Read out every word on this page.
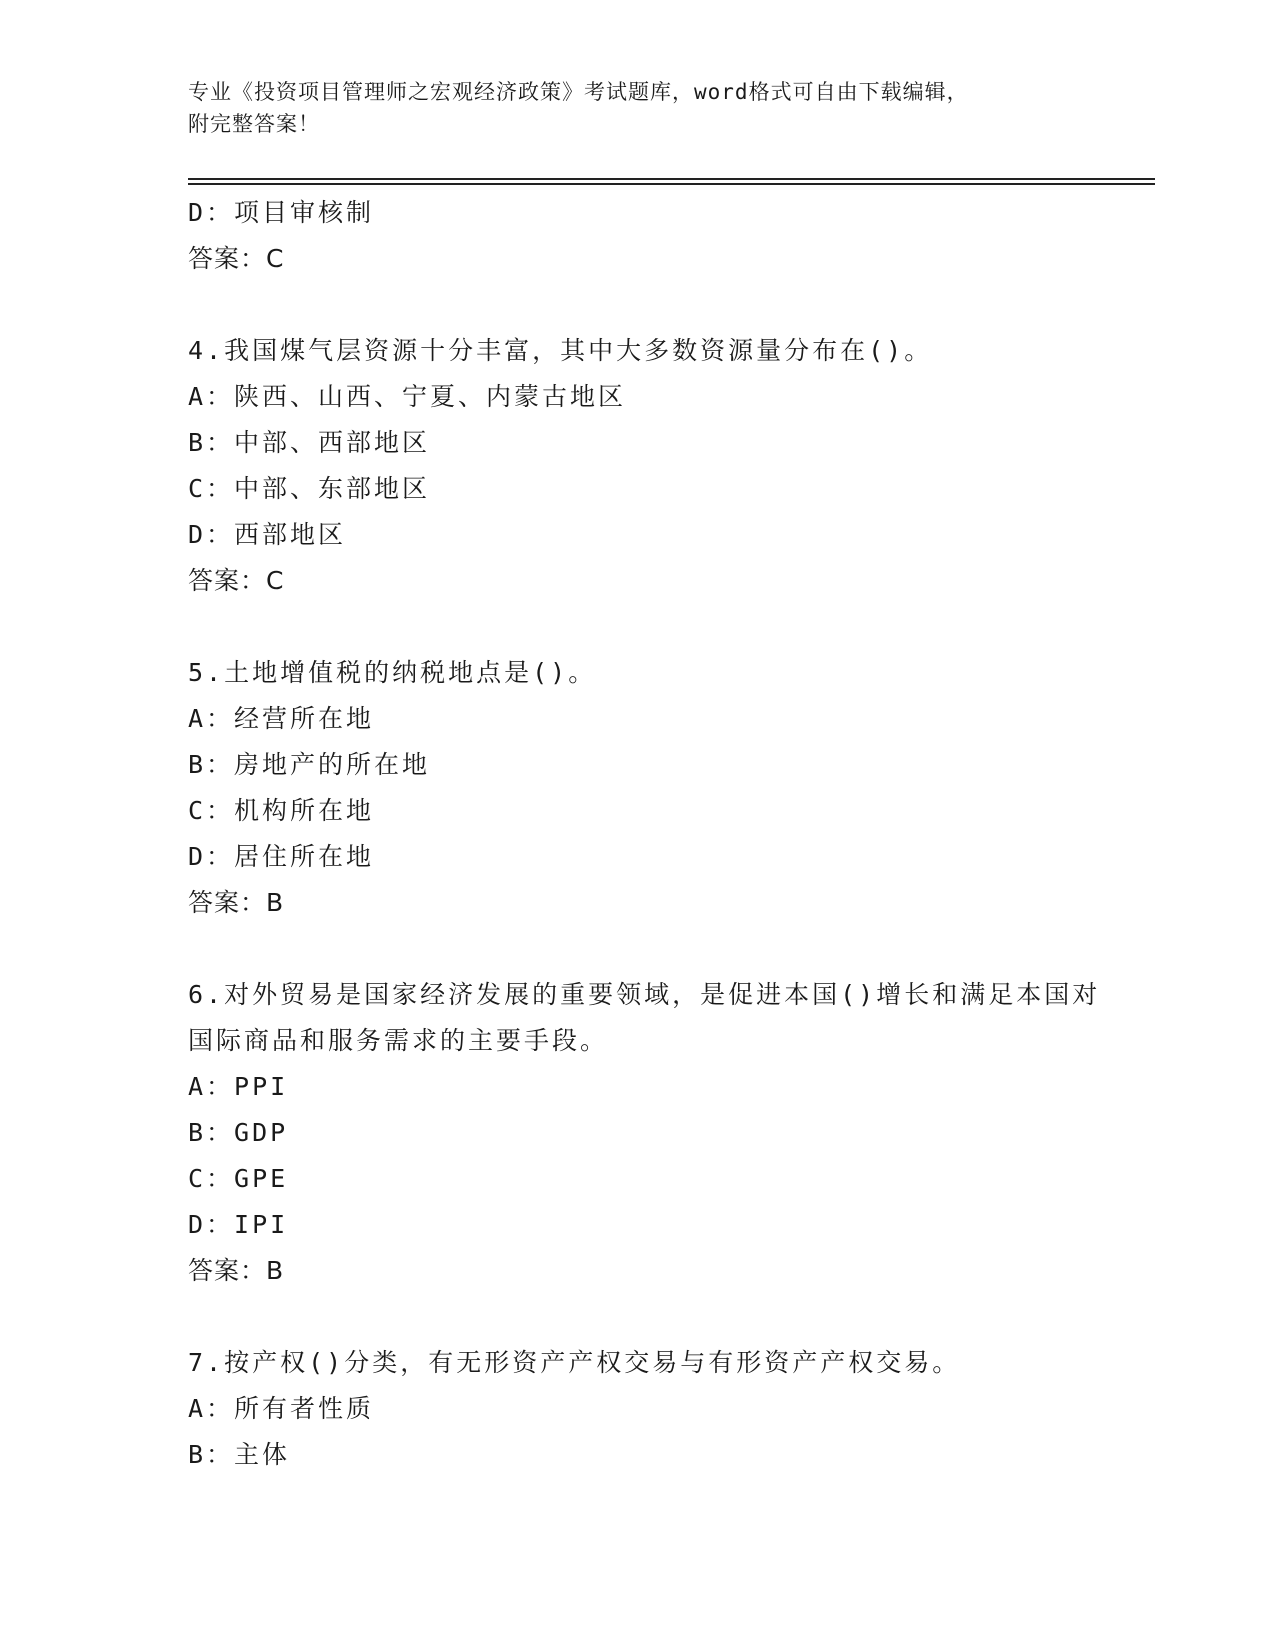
专业《投资项目管理师之宏观经济政策》考试题库，word格式可自由下载编辑，
附完整答案！
D：项目审核制
答案：C
4.我国煤气层资源十分丰富，其中大多数资源量分布在()。
A：陕西、山西、宁夏、内蒙古地区
B：中部、西部地区
C：中部、东部地区
D：西部地区
答案：C
5.土地增值税的纳税地点是()。
A：经营所在地
B：房地产的所在地
C：机构所在地
D：居住所在地
答案：B
6.对外贸易是国家经济发展的重要领域，是促进本国()增长和满足本国对国际商品和服务需求的主要手段。
A：PPI
B：GDP
C：GPE
D：IPI
答案：B
7.按产权()分类，有无形资产产权交易与有形资产产权交易。
A：所有者性质
B：主体
